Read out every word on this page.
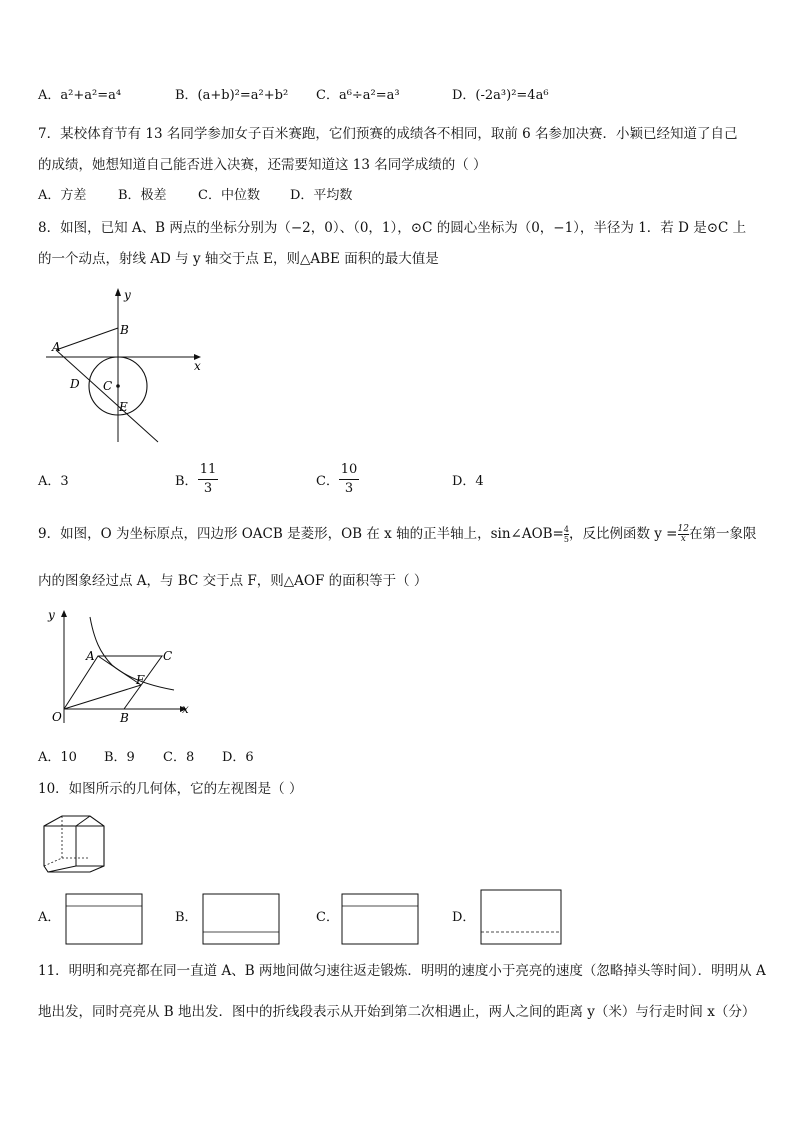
A．a²+a²=a⁴	B．(a+b)²=a²+b² C．a⁶÷a²=a³	D．(-2a³)²=4a⁶
7．某校体育节有 13 名同学参加女子百米赛跑，它们预赛的成绩各不相同，取前 6 名参加决赛．小颖已经知道了自己
的成绩，她想知道自己能否进入决赛，还需要知道这 13 名同学成绩的（ ）
A．方差 B．极差 C．中位数 D．平均数
8．如图，已知 A、B 两点的坐标分别为（−2，0）、（0，1），⊙C 的圆心坐标为（0，−1），半径为 1．若 D 是⊙C 上
的一个动点，射线 AD 与 y 轴交于点 E，则△ABE 面积的最大值是
y
x
A
B
C
D
E
A．3	B．
11
3	C．
10
3	D．4
9．如图，O 为坐标原点，四边形 OACB 是菱形，OB 在 x 轴的正半轴上，sin∠AOB= $\frac{4}{5}$ ，反比例函数 $y = \frac{12}{x}$ 在第一象限
内的图象经过点 A，与 BC 交于点 F，则△AOF 的面积等于（ ）
y
x
O
A	C
F
B
A．10 B．9 C．8 D．6
10．如图所示的几何体，它的左视图是（ ）
A．	B．	C．	D．
11．明明和亮亮都在同一直道 A、B 两地间做匀速往返走锻炼．明明的速度小于亮亮的速度（忽略掉头等时间）．明明从 A
地出发，同时亮亮从 B 地出发．图中的折线段表示从开始到第二次相遇止，两人之间的距离 y（米）与行走时间 x（分）
